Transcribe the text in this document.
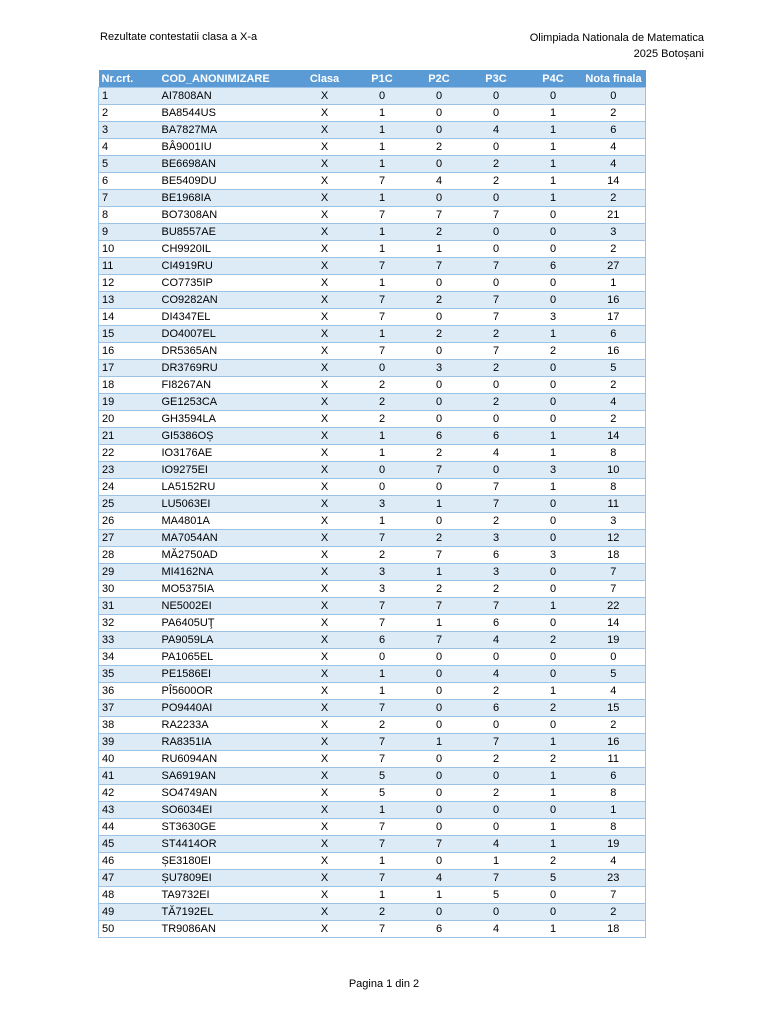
Rezultate contestatii clasa a X-a	Olimpiada Nationala de Matematica
2025 Botoșani
Nr.crt.	COD_ANONIMIZARE	Clasa	P1C	P2C	P3C	P4C	Nota finala
1	AI7808AN	X	0	0	0	0	0
2	BA8544US	X	1	0	0	1	2
3	BA7827MA	X	1	0	4	1	6
4	BÂ9001IU	X	1	2	0	1	4
5	BE6698AN	X	1	0	2	1	4
6	BE5409DU	X	7	4	2	1	14
7	BE1968IA	X	1	0	0	1	2
8	BO7308AN	X	7	7	7	0	21
9	BU8557AE	X	1	2	0	0	3
10	CH9920IL	X	1	1	0	0	2
11	CI4919RU	X	7	7	7	6	27
12	CO7735IP	X	1	0	0	0	1
13	CO9282AN	X	7	2	7	0	16
14	DI4347EL	X	7	0	7	3	17
15	DO4007EL	X	1	2	2	1	6
16	DR5365AN	X	7	0	7	2	16
17	DR3769RU	X	0	3	2	0	5
18	FI8267AN	X	2	0	0	0	2
19	GE1253CA	X	2	0	2	0	4
20	GH3594LA	X	2	0	0	0	2
21	GI5386OȘ	X	1	6	6	1	14
22	IO3176AE	X	1	2	4	1	8
23	IO9275EI	X	0	7	0	3	10
24	LA5152RU	X	0	0	7	1	8
25	LU5063EI	X	3	1	7	0	11
26	MA4801A	X	1	0	2	0	3
27	MA7054AN	X	7	2	3	0	12
28	MĂ2750AD	X	2	7	6	3	18
29	MI4162NA	X	3	1	3	0	7
30	MO5375IA	X	3	2	2	0	7
31	NE5002EI	X	7	7	7	1	22
32	PA6405UŢ	X	7	1	6	0	14
33	PA9059LA	X	6	7	4	2	19
34	PA1065EL	X	0	0	0	0	0
35	PE1586EI	X	1	0	4	0	5
36	PÎ5600OR	X	1	0	2	1	4
37	PO9440AI	X	7	0	6	2	15
38	RA2233A	X	2	0	0	0	2
39	RA8351IA	X	7	1	7	1	16
40	RU6094AN	X	7	0	2	2	11
41	SA6919AN	X	5	0	0	1	6
42	SO4749AN	X	5	0	2	1	8
43	SO6034EI	X	1	0	0	0	1
44	ST3630GE	X	7	0	0	1	8
45	ST4414OR	X	7	7	4	1	19
46	ȘE3180EI	X	1	0	1	2	4
47	ȘU7809EI	X	7	4	7	5	23
48	TA9732EI	X	1	1	5	0	7
49	TĂ7192EL	X	2	0	0	0	2
50	TR9086AN	X	7	6	4	1	18
Pagina 1 din 2
